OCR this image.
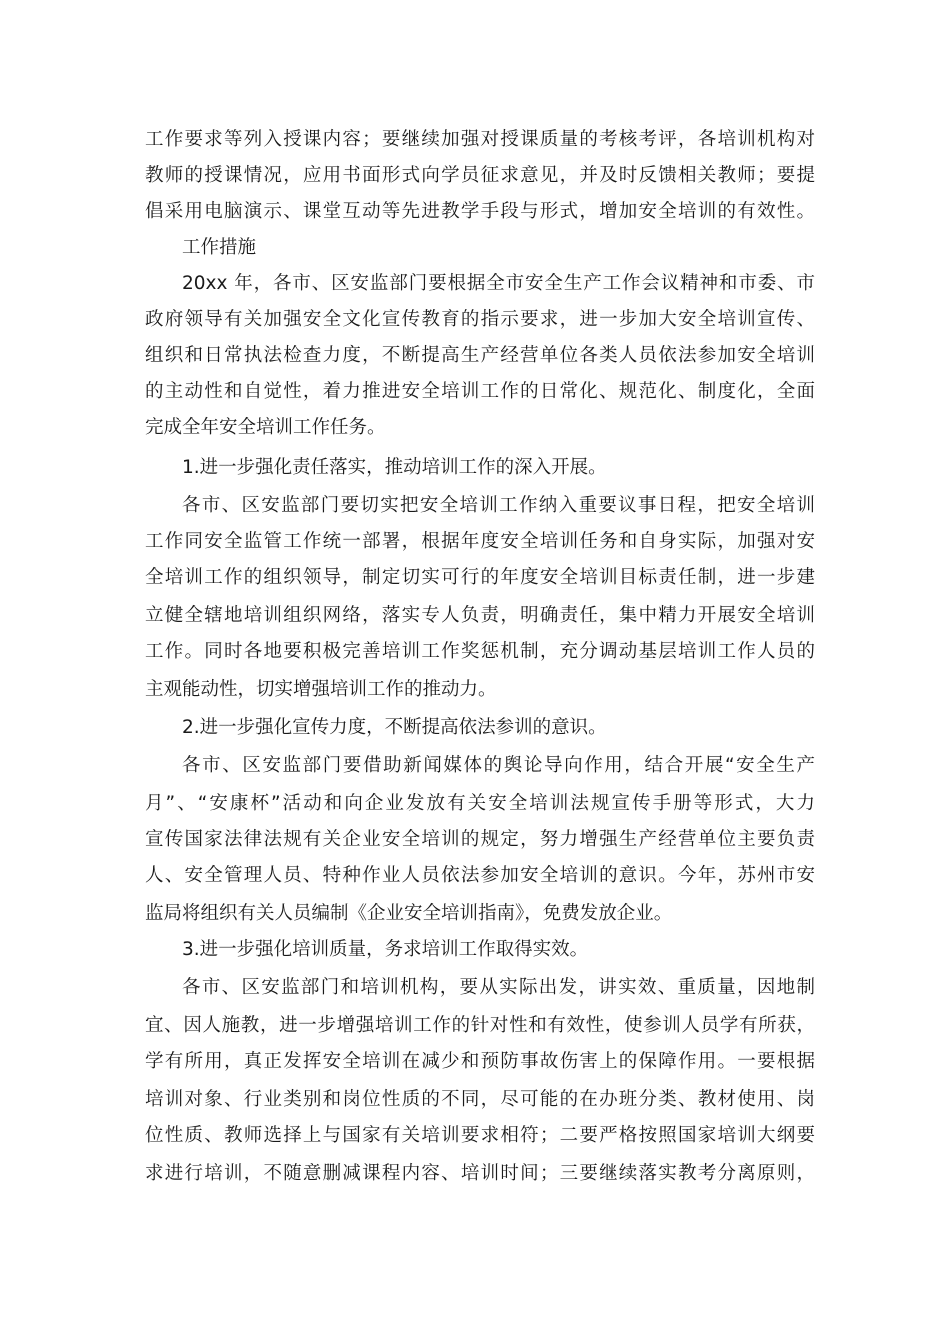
工作要求等列入授课内容；要继续加强对授课质量的考核考评，各培训机构对
教师的授课情况，应用书面形式向学员征求意见，并及时反馈相关教师；要提
倡采用电脑演示、课堂互动等先进教学手段与形式，增加安全培训的有效性。
工作措施
20xx 年，各市、区安监部门要根据全市安全生产工作会议精神和市委、市
政府领导有关加强安全文化宣传教育的指示要求，进一步加大安全培训宣传、
组织和日常执法检查力度，不断提高生产经营单位各类人员依法参加安全培训
的主动性和自觉性，着力推进安全培训工作的日常化、规范化、制度化，全面
完成全年安全培训工作任务。
1.进一步强化责任落实，推动培训工作的深入开展。
各市、区安监部门要切实把安全培训工作纳入重要议事日程，把安全培训
工作同安全监管工作统一部署，根据年度安全培训任务和自身实际，加强对安
全培训工作的组织领导，制定切实可行的年度安全培训目标责任制，进一步建
立健全辖地培训组织网络，落实专人负责，明确责任，集中精力开展安全培训
工作。同时各地要积极完善培训工作奖惩机制，充分调动基层培训工作人员的
主观能动性，切实增强培训工作的推动力。
2.进一步强化宣传力度，不断提高依法参训的意识。
各市、区安监部门要借助新闻媒体的舆论导向作用，结合开展“安全生产
月”、“安康杯”活动和向企业发放有关安全培训法规宣传手册等形式，大力
宣传国家法律法规有关企业安全培训的规定，努力增强生产经营单位主要负责
人、安全管理人员、特种作业人员依法参加安全培训的意识。今年，苏州市安
监局将组织有关人员编制《企业安全培训指南》，免费发放企业。
3.进一步强化培训质量，务求培训工作取得实效。
各市、区安监部门和培训机构，要从实际出发，讲实效、重质量，因地制
宜、因人施教，进一步增强培训工作的针对性和有效性，使参训人员学有所获，
学有所用，真正发挥安全培训在减少和预防事故伤害上的保障作用。一要根据
培训对象、行业类别和岗位性质的不同，尽可能的在办班分类、教材使用、岗
位性质、教师选择上与国家有关培训要求相符；二要严格按照国家培训大纲要
求进行培训，不随意删减课程内容、培训时间；三要继续落实教考分离原则，
